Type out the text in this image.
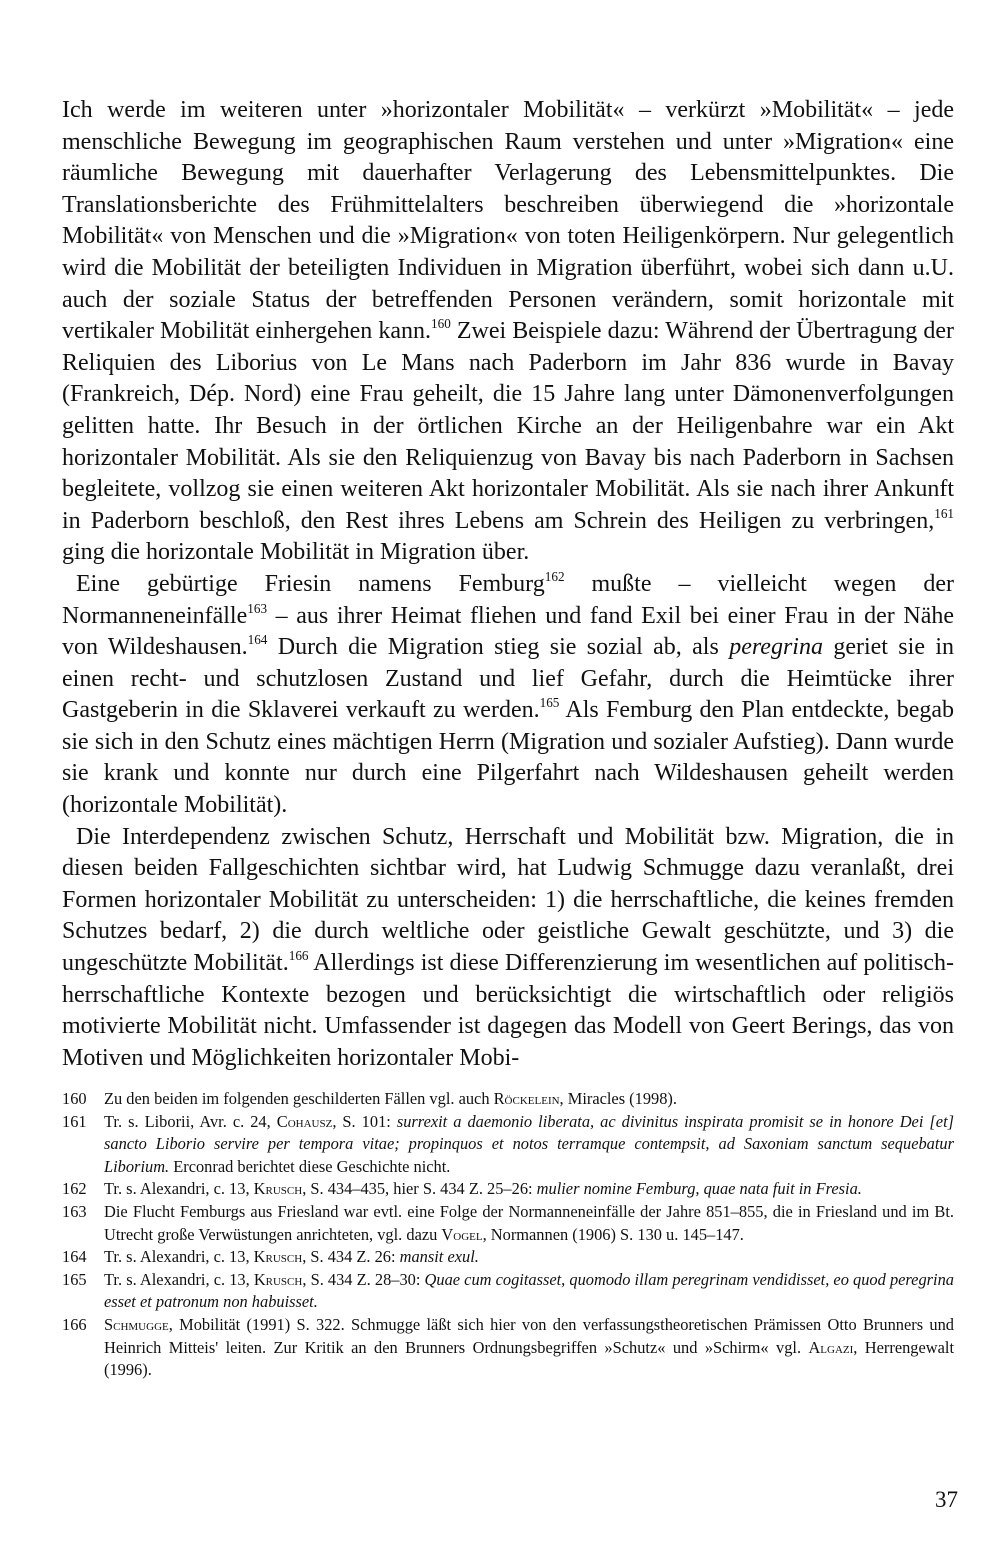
Ich werde im weiteren unter »horizontaler Mobilität« – verkürzt »Mobilität« – jede menschliche Bewegung im geographischen Raum verstehen und unter »Migration« eine räumliche Bewegung mit dauerhafter Verlagerung des Lebensmittelpunktes. Die Translationsberichte des Frühmittelalters beschreiben überwiegend die »horizontale Mobilität« von Menschen und die »Migration« von toten Heiligenkörpern. Nur gelegentlich wird die Mobilität der beteiligten Individuen in Migration überführt, wobei sich dann u.U. auch der soziale Status der betreffenden Personen verändern, somit horizontale mit vertikaler Mobilität einhergehen kann.$^{160}$ Zwei Beispiele dazu: Während der Übertragung der Reliquien des Liborius von Le Mans nach Paderborn im Jahr 836 wurde in Bavay (Frankreich, Dép. Nord) eine Frau geheilt, die 15 Jahre lang unter Dämonenverfolgungen gelitten hatte. Ihr Besuch in der örtlichen Kirche an der Heiligenbahre war ein Akt horizontaler Mobilität. Als sie den Reliquienzug von Bavay bis nach Paderborn in Sachsen begleitete, vollzog sie einen weiteren Akt horizontaler Mobilität. Als sie nach ihrer Ankunft in Paderborn beschloß, den Rest ihres Lebens am Schrein des Heiligen zu verbringen,$^{161}$ ging die horizontale Mobilität in Migration über.

Eine gebürtige Friesin namens Femburg$^{162}$ mußte – vielleicht wegen der Normanneneinfälle$^{163}$ – aus ihrer Heimat fliehen und fand Exil bei einer Frau in der Nähe von Wildeshausen.$^{164}$ Durch die Migration stieg sie sozial ab, als peregrina geriet sie in einen recht- und schutzlosen Zustand und lief Gefahr, durch die Heimtücke ihrer Gastgeberin in die Sklaverei verkauft zu werden.$^{165}$ Als Femburg den Plan entdeckte, begab sie sich in den Schutz eines mächtigen Herrn (Migration und sozialer Aufstieg). Dann wurde sie krank und konnte nur durch eine Pilgerfahrt nach Wildeshausen geheilt werden (horizontale Mobilität).

Die Interdependenz zwischen Schutz, Herrschaft und Mobilität bzw. Migration, die in diesen beiden Fallgeschichten sichtbar wird, hat Ludwig Schmugge dazu veranlaßt, drei Formen horizontaler Mobilität zu unterscheiden: 1) die herrschaftliche, die keines fremden Schutzes bedarf, 2) die durch weltliche oder geistliche Gewalt geschützte, und 3) die ungeschützte Mobilität.$^{166}$ Allerdings ist diese Differenzierung im wesentlichen auf politisch-herrschaftliche Kontexte bezogen und berücksichtigt die wirtschaftlich oder religiös motivierte Mobilität nicht. Umfassender ist dagegen das Modell von Geert Berings, das von Motiven und Möglichkeiten horizontaler Mobi-

160	Zu den beiden im folgenden geschilderten Fällen vgl. auch Röckelein, Miracles (1998).
161	Tr. s. Liborii, Avr. c. 24, Cohausz, S. 101: surrexit a daemonio liberata, ac divinitus inspirata promisit se in honore Dei [et] sancto Liborio servire per tempora vitae; propinquos et notos terramque contempsit, ad Saxoniam sanctum sequebatur Liborium. Erconrad berichtet diese Geschichte nicht.
162	Tr. s. Alexandri, c. 13, Krusch, S. 434–435, hier S. 434 Z. 25–26: mulier nomine Femburg, quae nata fuit in Fresia.
163	Die Flucht Femburgs aus Friesland war evtl. eine Folge der Normanneneinfälle der Jahre 851–855, die in Friesland und im Bt. Utrecht große Verwüstungen anrichteten, vgl. dazu Vogel, Normannen (1906) S. 130 u. 145–147.
164	Tr. s. Alexandri, c. 13, Krusch, S. 434 Z. 26: mansit exul.
165	Tr. s. Alexandri, c. 13, Krusch, S. 434 Z. 28–30: Quae cum cogitasset, quomodo illam peregrinam vendidisset, eo quod peregrina esset et patronum non habuisset.
166	Schmugge, Mobilität (1991) S. 322. Schmugge läßt sich hier von den verfassungstheoretischen Prämissen Otto Brunners und Heinrich Mitteis' leiten. Zur Kritik an den Brunners Ordnungsbegriffen »Schutz« und »Schirm« vgl. Algazi, Herrengewalt (1996).
37
